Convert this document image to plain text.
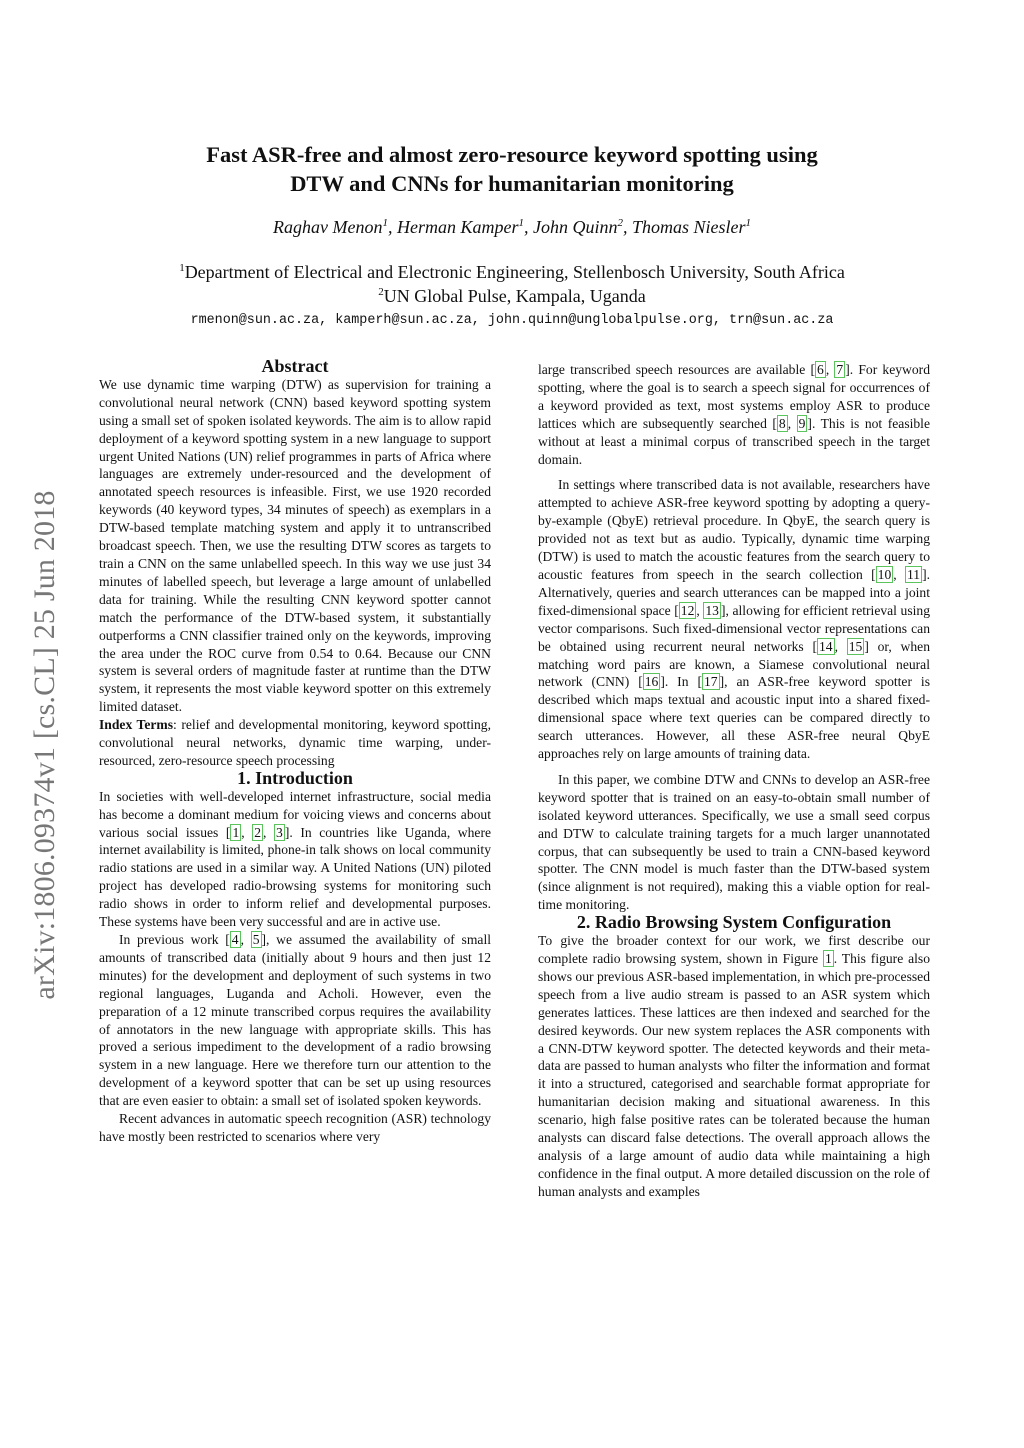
arXiv:1806.09374v1 [cs.CL] 25 Jun 2018
Fast ASR-free and almost zero-resource keyword spotting using
DTW and CNNs for humanitarian monitoring
Raghav Menon$^1$, Herman Kamper$^1$, John Quinn$^2$, Thomas Niesler$^1$
$^1$Department of Electrical and Electronic Engineering, Stellenbosch University, South Africa
$^2$UN Global Pulse, Kampala, Uganda
rmenon@sun.ac.za, kamperh@sun.ac.za, john.quinn@unglobalpulse.org, trn@sun.ac.za

Abstract

We use dynamic time warping (DTW) as supervision for training a convolutional neural network (CNN) based keyword spotting system using a small set of spoken isolated keywords. The aim is to allow rapid deployment of a keyword spotting system in a new language to support urgent United Nations (UN) relief programmes in parts of Africa where languages are extremely under-resourced and the development of annotated speech resources is infeasible. First, we use 1920 recorded keywords (40 keyword types, 34 minutes of speech) as exemplars in a DTW-based template matching system and apply it to untranscribed broadcast speech. Then, we use the resulting DTW scores as targets to train a CNN on the same unlabelled speech. In this way we use just 34 minutes of labelled speech, but leverage a large amount of unlabelled data for training. While the resulting CNN keyword spotter cannot match the performance of the DTW-based system, it substantially outperforms a CNN classifier trained only on the keywords, improving the area under the ROC curve from 0.54 to 0.64. Because our CNN system is several orders of magnitude faster at runtime than the DTW system, it represents the most viable keyword spotter on this extremely limited dataset.

Index Terms: relief and developmental monitoring, keyword spotting, convolutional neural networks, dynamic time warping, under-resourced, zero-resource speech processing

1. Introduction

In societies with well-developed internet infrastructure, social media has become a dominant medium for voicing views and concerns about various social issues [ 1 , 2 , 3 ]. In countries like Uganda, where internet availability is limited, phone-in talk shows on local community radio stations are used in a similar way. A United Nations (UN) piloted project has developed radio-browsing systems for monitoring such radio shows in order to inform relief and developmental purposes. These systems have been very successful and are in active use.

In previous work [ 4 , 5 ], we assumed the availability of small amounts of transcribed data (initially about 9 hours and then just 12 minutes) for the development and deployment of such systems in two regional languages, Luganda and Acholi. However, even the preparation of a 12 minute transcribed corpus requires the availability of annotators in the new language with appropriate skills. This has proved a serious impediment to the development of a radio browsing system in a new language. Here we therefore turn our attention to the development of a keyword spotter that can be set up using resources that are even easier to obtain: a small set of isolated spoken keywords.

Recent advances in automatic speech recognition (ASR) technology have mostly been restricted to scenarios where very

large transcribed speech resources are available [ 6 , 7 ]. For keyword spotting, where the goal is to search a speech signal for occurrences of a keyword provided as text, most systems employ ASR to produce lattices which are subsequently searched [ 8 , 9 ]. This is not feasible without at least a minimal corpus of transcribed speech in the target domain.

In settings where transcribed data is not available, researchers have attempted to achieve ASR-free keyword spotting by adopting a query-by-example (QbyE) retrieval procedure. In QbyE, the search query is provided not as text but as audio. Typically, dynamic time warping (DTW) is used to match the acoustic features from the search query to acoustic features from speech in the search collection [ 10 , 11 ]. Alternatively, queries and search utterances can be mapped into a joint fixed-dimensional space [ 12 , 13 ], allowing for efficient retrieval using vector comparisons. Such fixed-dimensional vector representations can be obtained using recurrent neural networks [ 14 , 15 ] or, when matching word pairs are known, a Siamese convolutional neural network (CNN) [ 16 ]. In [ 17 ], an ASR-free keyword spotter is described which maps textual and acoustic input into a shared fixed-dimensional space where text queries can be compared directly to search utterances. However, all these ASR-free neural QbyE approaches rely on large amounts of training data.

In this paper, we combine DTW and CNNs to develop an ASR-free keyword spotter that is trained on an easy-to-obtain small number of isolated keyword utterances. Specifically, we use a small seed corpus and DTW to calculate training targets for a much larger unannotated corpus, that can subsequently be used to train a CNN-based keyword spotter. The CNN model is much faster than the DTW-based system (since alignment is not required), making this a viable option for real-time monitoring.

2. Radio Browsing System Configuration

To give the broader context for our work, we first describe our complete radio browsing system, shown in Figure 1 . This figure also shows our previous ASR-based implementation, in which pre-processed speech from a live audio stream is passed to an ASR system which generates lattices. These lattices are then indexed and searched for the desired keywords. Our new system replaces the ASR components with a CNN-DTW keyword spotter. The detected keywords and their meta-data are passed to human analysts who filter the information and format it into a structured, categorised and searchable format appropriate for humanitarian decision making and situational awareness. In this scenario, high false positive rates can be tolerated because the human analysts can discard false detections. The overall approach allows the analysis of a large amount of audio data while maintaining a high confidence in the final output. A more detailed discussion on the role of human analysts and examples
